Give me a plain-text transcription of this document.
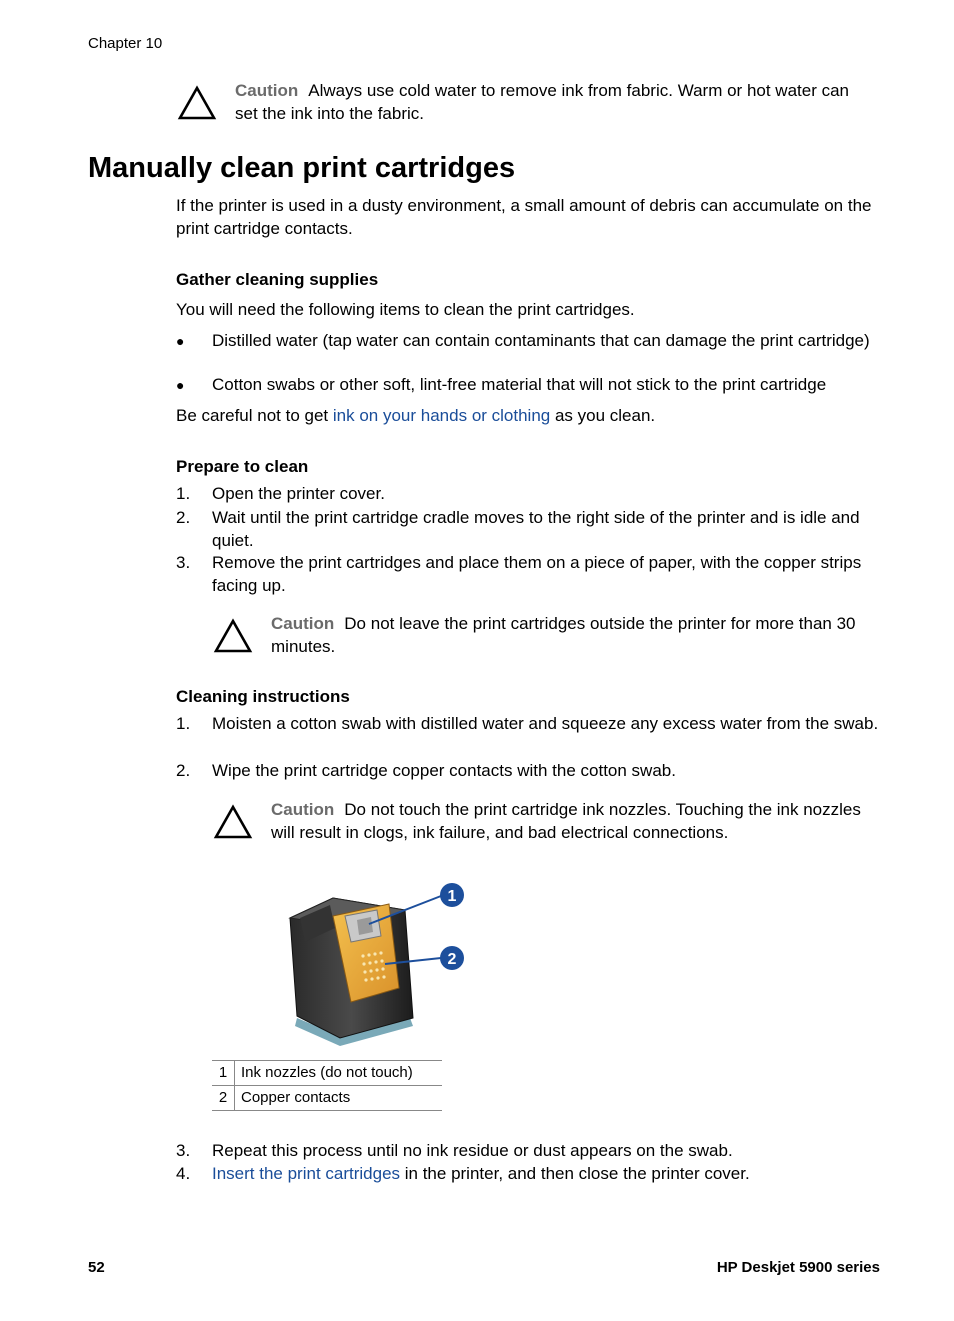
Chapter 10
Caution Always use cold water to remove ink from fabric. Warm or hot water can set the ink into the fabric.
Manually clean print cartridges
If the printer is used in a dusty environment, a small amount of debris can accumulate on the print cartridge contacts.
Gather cleaning supplies
You will need the following items to clean the print cartridges.
● Distilled water (tap water can contain contaminants that can damage the print cartridge)
● Cotton swabs or other soft, lint-free material that will not stick to the print cartridge
Be careful not to get ink on your hands or clothing as you clean.
Prepare to clean
1. Open the printer cover.
2. Wait until the print cartridge cradle moves to the right side of the printer and is idle and quiet.
3. Remove the print cartridges and place them on a piece of paper, with the copper strips facing up.
Caution Do not leave the print cartridges outside the printer for more than 30 minutes.
Cleaning instructions
1. Moisten a cotton swab with distilled water and squeeze any excess water from the swab.
2. Wipe the print cartridge copper contacts with the cotton swab.
Caution Do not touch the print cartridge ink nozzles. Touching the ink nozzles will result in clogs, ink failure, and bad electrical connections.
1
2
1	Ink nozzles (do not touch)
2	Copper contacts
3. Repeat this process until no ink residue or dust appears on the swab.
4. Insert the print cartridges in the printer, and then close the printer cover.
52	HP Deskjet 5900 series
